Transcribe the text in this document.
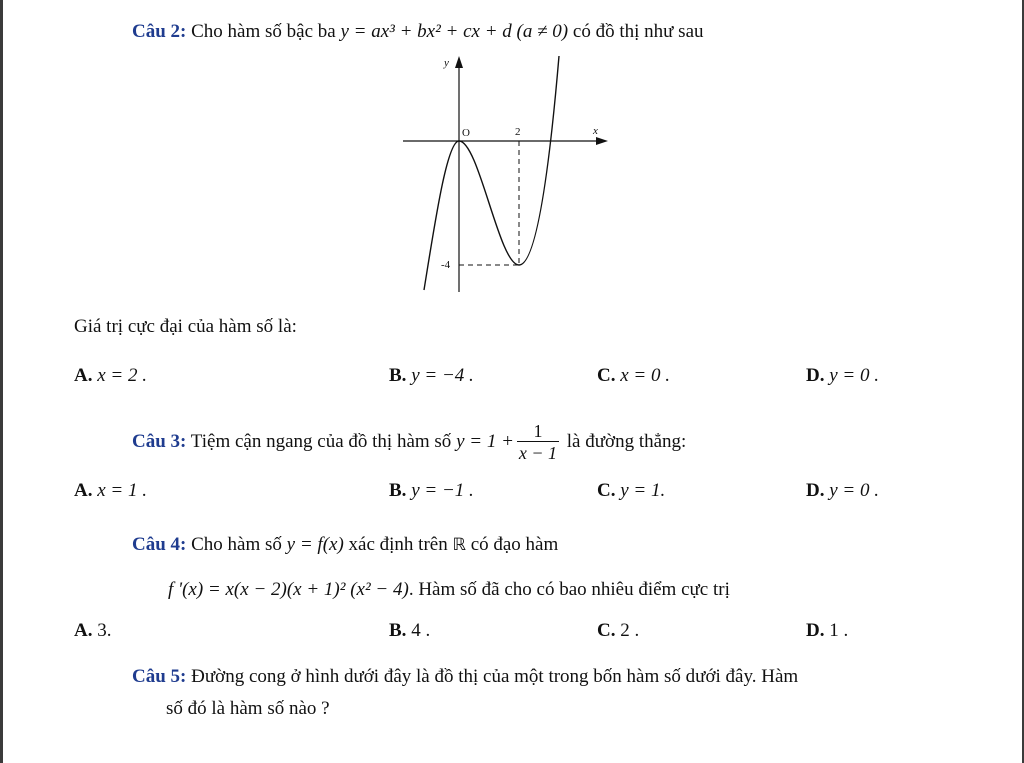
Câu 2: Cho hàm số bậc ba y = ax³ + bx² + cx + d (a ≠ 0) có đồ thị như sau
y
x
O	2
-4
Giá trị cực đại của hàm số là:
A. x = 2 .	B. y = −4 .	C. x = 0 .	D. y = 0 .
Câu 3: Tiệm cận ngang của đồ thị hàm số $y = 1 + \frac{1}{x - 1}$ là đường thẳng:
A. x = 1 .	B. y = −1 .	C. y = 1.	D. y = 0 .
Câu 4: Cho hàm số y = f(x) xác định trên ℝ có đạo hàm
f '(x) = x(x − 2)(x + 1)² (x² − 4). Hàm số đã cho có bao nhiêu điểm cực trị
A. 3.	B. 4 .	C. 2 .	D. 1 .
Câu 5: Đường cong ở hình dưới đây là đồ thị của một trong bốn hàm số dưới đây. Hàm
số đó là hàm số nào ?
